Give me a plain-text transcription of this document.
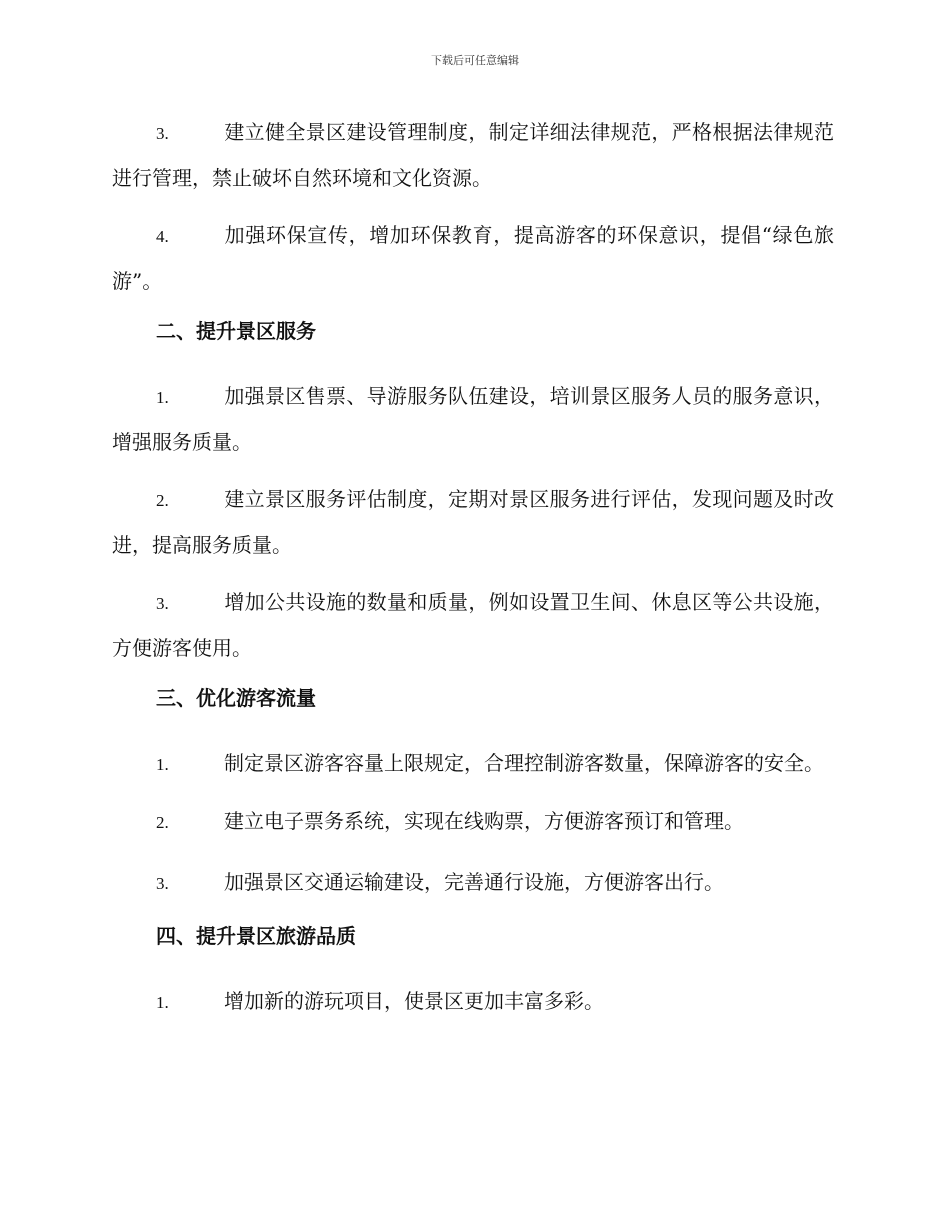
下载后可任意编辑

3.	建立健全景区建设管理制度，制定详细法律规范，严格根据法律规范进行管理，禁止破坏自然环境和文化资源。

4.	加强环保宣传，增加环保教育，提高游客的环保意识，提倡“绿色旅游”。

二、提升景区服务

1.	加强景区售票、导游服务队伍建设，培训景区服务人员的服务意识，增强服务质量。

2.	建立景区服务评估制度，定期对景区服务进行评估，发现问题及时改进，提高服务质量。

3.	增加公共设施的数量和质量，例如设置卫生间、休息区等公共设施，方便游客使用。

三、优化游客流量

1.	制定景区游客容量上限规定，合理控制游客数量，保障游客的安全。

2.	建立电子票务系统，实现在线购票，方便游客预订和管理。

3.	加强景区交通运输建设，完善通行设施，方便游客出行。

四、提升景区旅游品质

1.	增加新的游玩项目，使景区更加丰富多彩。
